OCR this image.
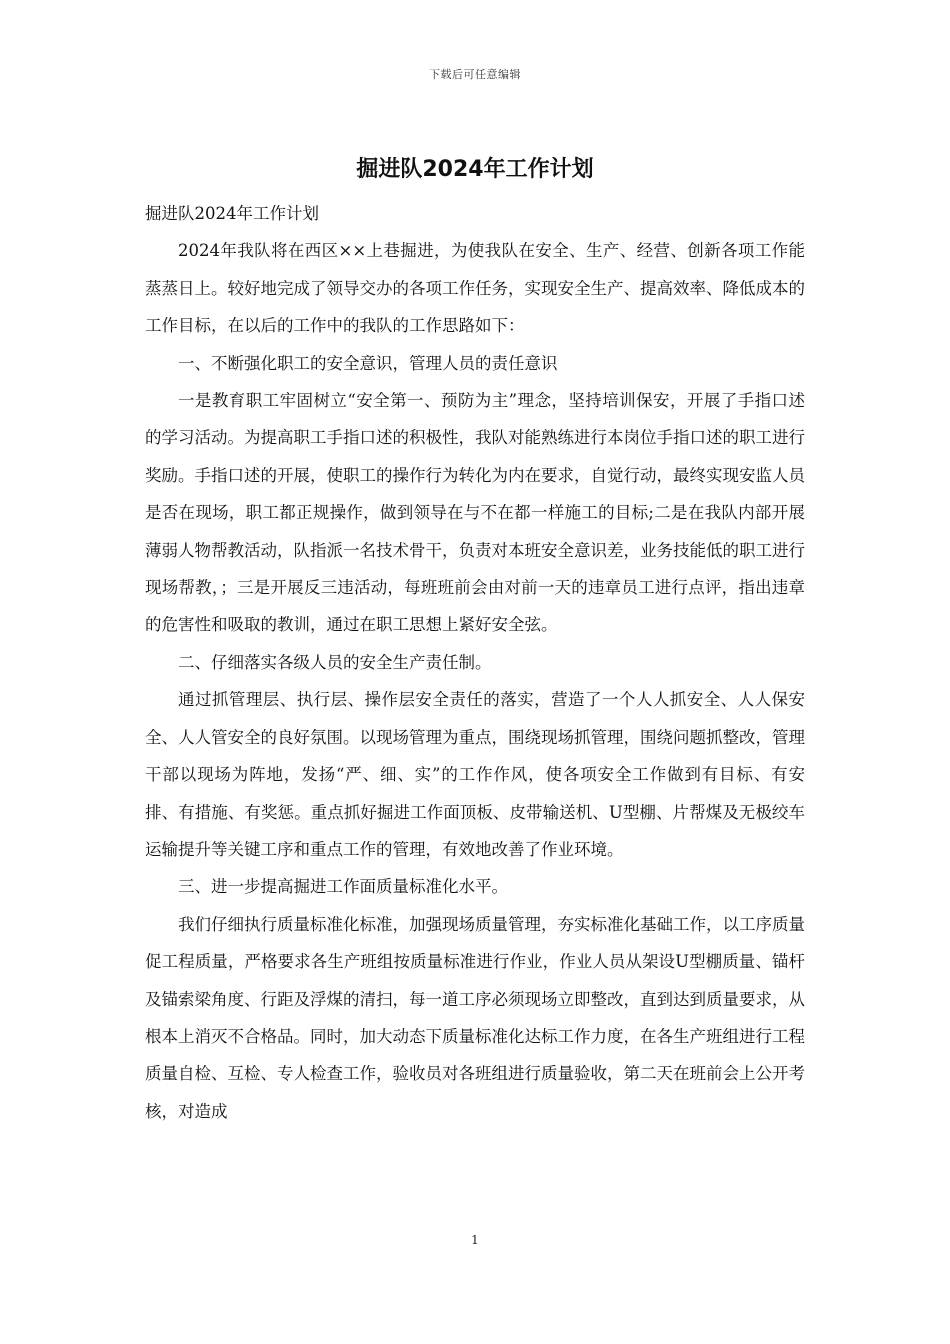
下载后可任意编辑
掘进队2024年工作计划

掘进队2024年工作计划

2024年我队将在西区××上巷掘进，为使我队在安全、生产、经营、创新各项工作能蒸蒸日上。较好地完成了领导交办的各项工作任务，实现安全生产、提高效率、降低成本的工作目标，在以后的工作中的我队的工作思路如下：

一、不断强化职工的安全意识，管理人员的责任意识

一是教育职工牢固树立“安全第一、预防为主”理念，坚持培训保安，开展了手指口述的学习活动。为提高职工手指口述的积极性，我队对能熟练进行本岗位手指口述的职工进行奖励。手指口述的开展，使职工的操作行为转化为内在要求，自觉行动，最终实现安监人员是否在现场，职工都正规操作，做到领导在与不在都一样施工的目标;二是在我队内部开展薄弱人物帮教活动，队指派一名技术骨干，负责对本班安全意识差，业务技能低的职工进行现场帮教，；三是开展反三违活动，每班班前会由对前一天的违章员工进行点评，指出违章的危害性和吸取的教训，通过在职工思想上紧好安全弦。

二、仔细落实各级人员的安全生产责任制。

通过抓管理层、执行层、操作层安全责任的落实，营造了一个人人抓安全、人人保安全、人人管安全的良好氛围。以现场管理为重点，围绕现场抓管理，围绕问题抓整改，管理干部以现场为阵地，发扬“严、细、实”的工作作风，使各项安全工作做到有目标、有安排、有措施、有奖惩。重点抓好掘进工作面顶板、皮带输送机、U型棚、片帮煤及无极绞车运输提升等关键工序和重点工作的管理，有效地改善了作业环境。

三、进一步提高掘进工作面质量标准化水平。

我们仔细执行质量标准化标准，加强现场质量管理，夯实标准化基础工作，以工序质量促工程质量，严格要求各生产班组按质量标准进行作业，作业人员从架设U型棚质量、锚杆及锚索梁角度、行距及浮煤的清扫，每一道工序必须现场立即整改，直到达到质量要求，从根本上消灭不合格品。同时，加大动态下质量标准化达标工作力度，在各生产班组进行工程质量自检、互检、专人检查工作，验收员对各班组进行质量验收，第二天在班前会上公开考核，对造成

1
